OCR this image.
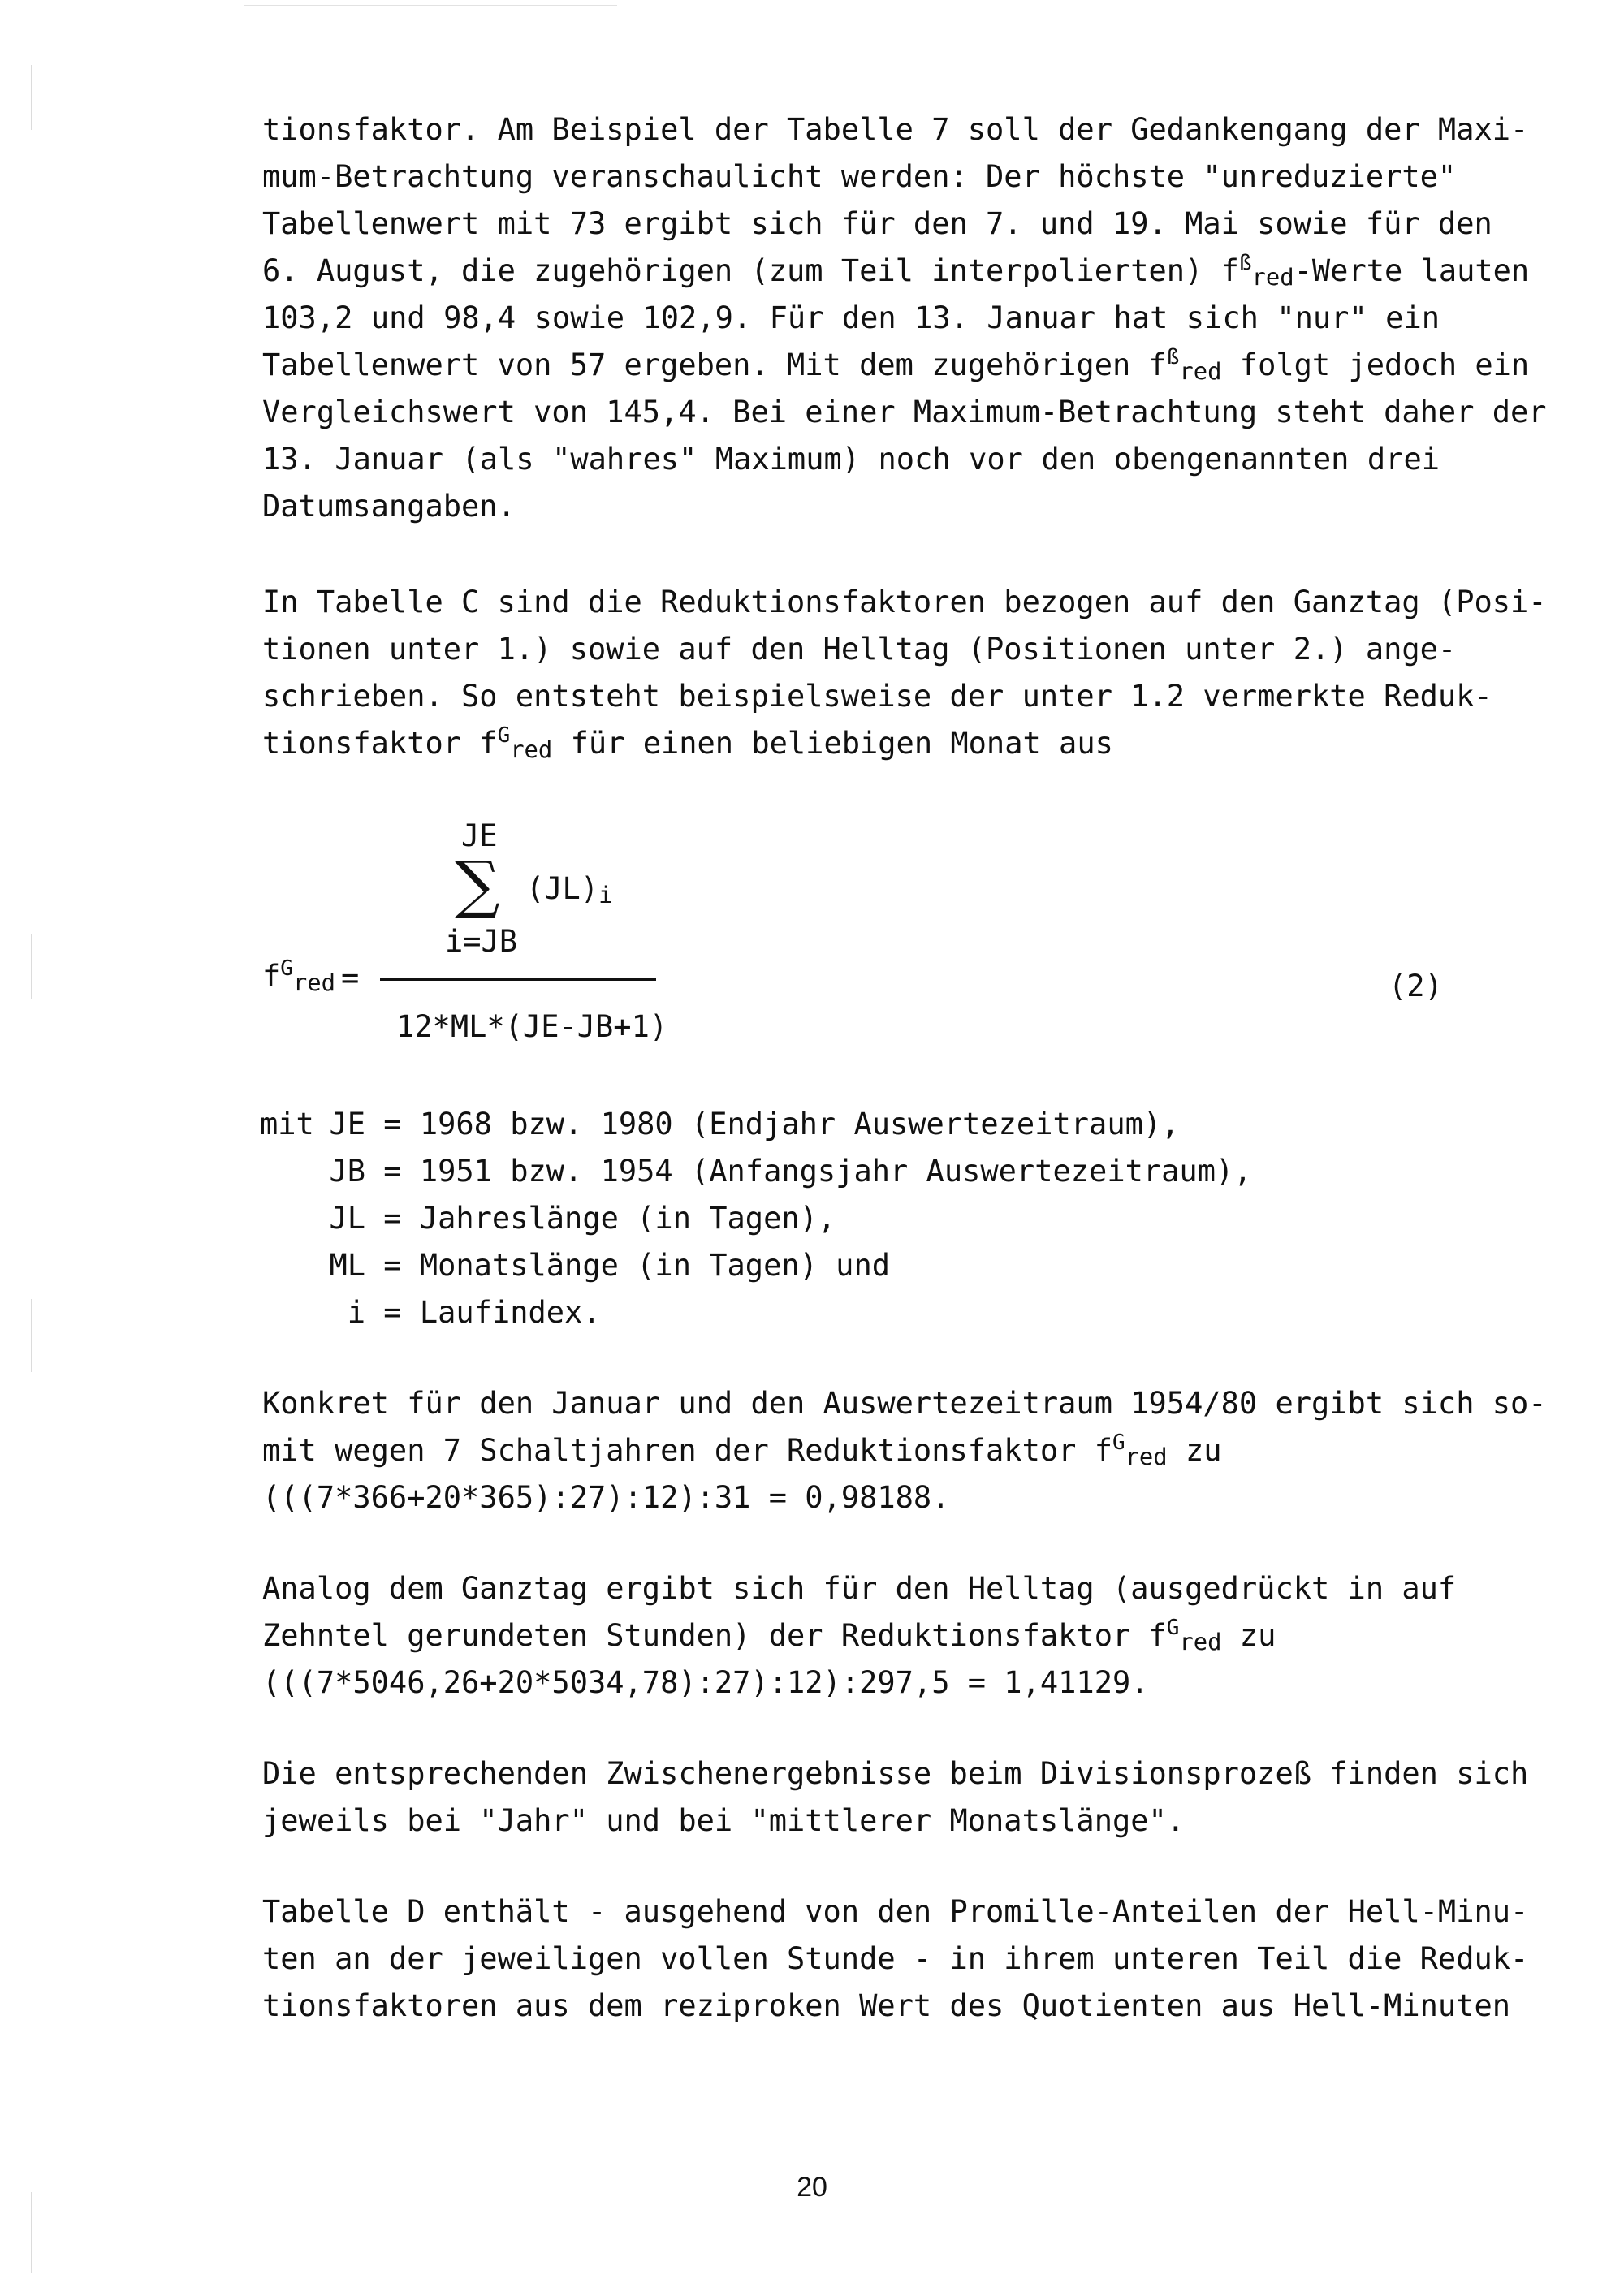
tionsfaktor. Am Beispiel der Tabelle 7 soll der Gedankengang der Maxi-
mum-Betrachtung veranschaulicht werden: Der höchste "unreduzierte"
Tabellenwert mit 73 ergibt sich für den 7. und 19. Mai sowie für den
6. August, die zugehörigen (zum Teil interpolierten) $f^ßred$-Werte lauten
103,2 und 98,4 sowie 102,9. Für den 13. Januar hat sich "nur" ein
Tabellenwert von 57 ergeben. Mit dem zugehörigen $f^ßred$ folgt jedoch ein
Vergleichswert von 145,4. Bei einer Maximum-Betrachtung steht daher der
13. Januar (als "wahres" Maximum) noch vor den obengenannten drei
Datumsangaben.
In Tabelle C sind die Reduktionsfaktoren bezogen auf den Ganztag (Posi-
tionen unter 1.) sowie auf den Helltag (Positionen unter 2.) ange-
schrieben. So entsteht beispielsweise der unter 1.2 vermerkte Reduk-
tionsfaktor $f^Gred$ für einen beliebigen Monat aus
JE
∑ (JL)i
i=JB
$f^Gred$ =
12*ML*(JE-JB+1)
(2)
mit JE = 1968 bzw. 1980 (Endjahr Auswertezeitraum),
JB = 1951 bzw. 1954 (Anfangsjahr Auswertezeitraum),
JL = Jahreslänge (in Tagen),
ML = Monatslänge (in Tagen) und
i = Laufindex.
Konkret für den Januar und den Auswertezeitraum 1954/80 ergibt sich so-
mit wegen 7 Schaltjahren der Reduktionsfaktor $f^Gred$ zu
(((7*366+20*365):27):12):31 = 0,98188.
Analog dem Ganztag ergibt sich für den Helltag (ausgedrückt in auf
Zehntel gerundeten Stunden) der Reduktionsfaktor $f^Gred$ zu
(((7*5046,26+20*5034,78):27):12):297,5 = 1,41129.
Die entsprechenden Zwischenergebnisse beim Divisionsprozeß finden sich
jeweils bei "Jahr" und bei "mittlerer Monatslänge".
Tabelle D enthält - ausgehend von den Promille-Anteilen der Hell-Minu-
ten an der jeweiligen vollen Stunde - in ihrem unteren Teil die Reduk-
tionsfaktoren aus dem reziproken Wert des Quotienten aus Hell-Minuten
20
